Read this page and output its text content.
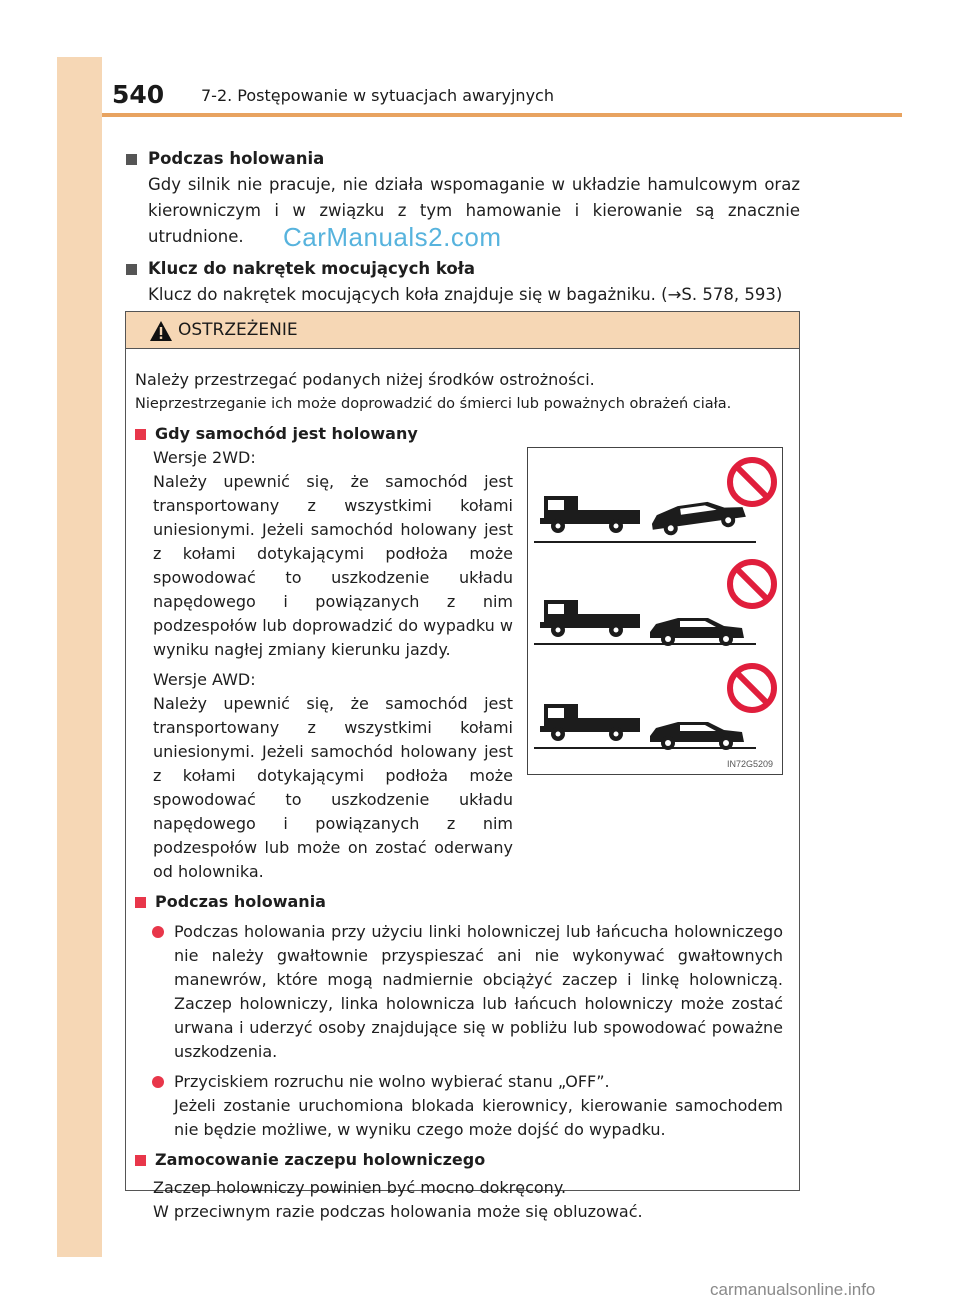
540 7-2. Postępowanie w sytuacjach awaryjnych
Podczas holowania
Gdy silnik nie pracuje, nie działa wspomaganie w układzie hamulcowym oraz kierowniczym i w związku z tym hamowanie i kierowanie są znacznie utrudnione.
Klucz do nakrętek mocujących koła
Klucz do nakrętek mocujących koła znajduje się w bagażniku. (→S. 578, 593)
CarManuals2.com
OSTRZEŻENIE
Należy przestrzegać podanych niżej środków ostrożności.
Nieprzestrzeganie ich może doprowadzić do śmierci lub poważnych obrażeń ciała.
Gdy samochód jest holowany
Wersje 2WD:
Należy upewnić się, że samochód jest transportowany z wszystkimi kołami uniesionymi. Jeżeli samochód holowany jest z kołami dotykającymi podłoża może spowodować to uszkodzenie układu napędowego i powiązanych z nim podzespołów lub doprowadzić do wypadku w wyniku nagłej zmiany kierunku jazdy.
Wersje AWD:
Należy upewnić się, że samochód jest transportowany z wszystkimi kołami uniesionymi. Jeżeli samochód holowany jest z kołami dotykającymi podłoża może spowodować to uszkodzenie układu napędowego i powiązanych z nim podzespołów lub może on zostać oderwany od holownika.
Podczas holowania
Podczas holowania przy użyciu linki holowniczej lub łańcucha holowniczego nie należy gwałtownie przyspieszać ani nie wykonywać gwałtownych manewrów, które mogą nadmiernie obciążyć zaczep i linkę holowniczą. Zaczep holowniczy, linka holownicza lub łańcuch holowniczy może zostać urwana i uderzyć osoby znajdujące się w pobliżu lub spowodować poważne uszkodzenia.
Przyciskiem rozruchu nie wolno wybierać stanu „OFF”.
Jeżeli zostanie uruchomiona blokada kierownicy, kierowanie samochodem nie będzie możliwe, w wyniku czego może dojść do wypadku.
Zamocowanie zaczepu holowniczego
Zaczep holowniczy powinien być mocno dokręcony.
W przeciwnym razie podczas holowania może się obluzować.
IN72G5209
carmanualsonline.info
